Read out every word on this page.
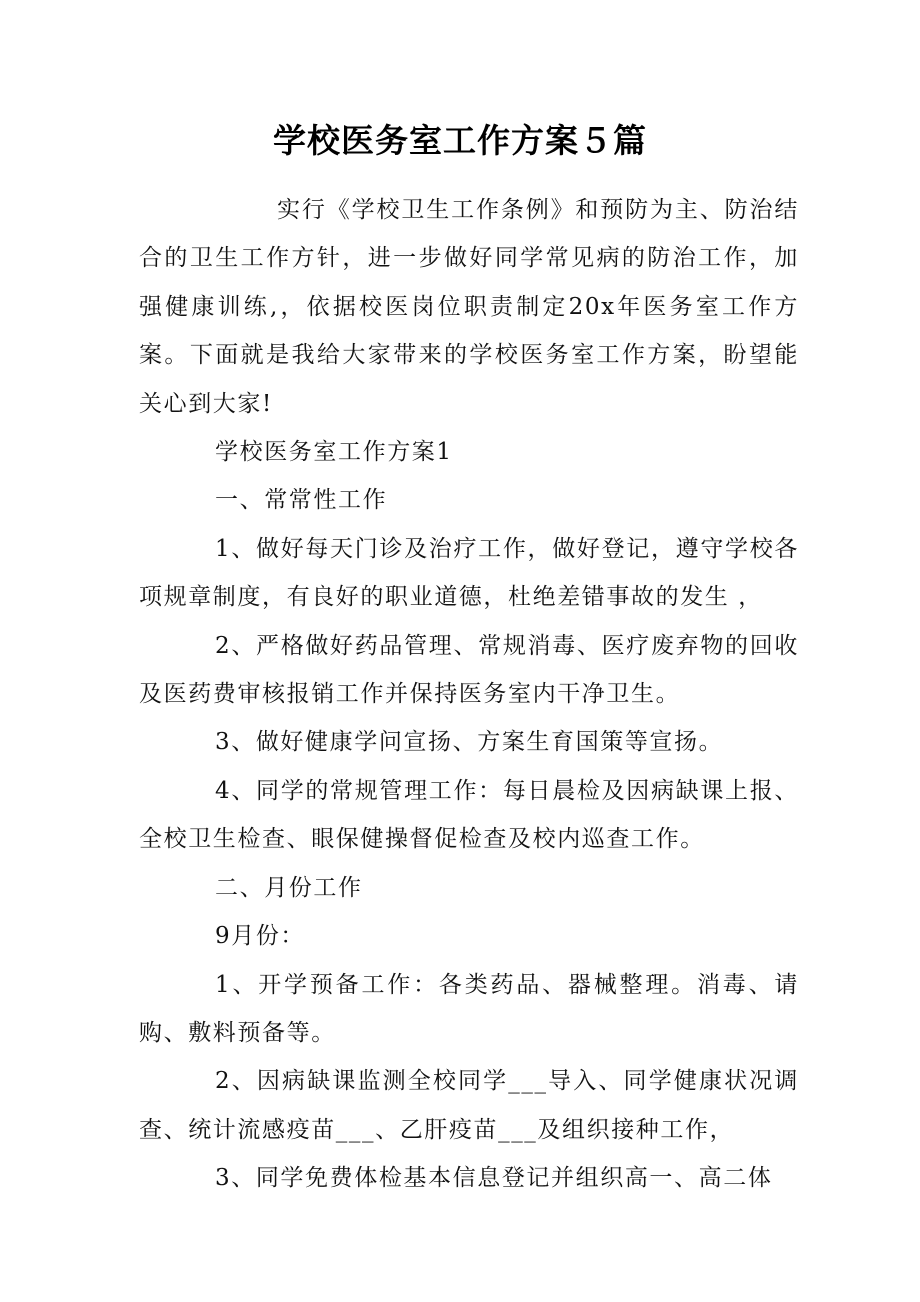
学校医务室工作方案５篇

实行《学校卫生工作条例》和预防为主、防治结合的卫生工作方针，进一步做好同学常见病的防治工作，加强健康训练,，依据校医岗位职责制定20x年医务室工作方案。下面就是我给大家带来的学校医务室工作方案，盼望能关心到大家!

学校医务室工作方案1

一、常常性工作

1、做好每天门诊及治疗工作，做好登记，遵守学校各项规章制度，有良好的职业道德，杜绝差错事故的发生 ，

2、严格做好药品管理、常规消毒、医疗废弃物的回收及医药费审核报销工作并保持医务室内干净卫生。

3、做好健康学问宣扬、方案生育国策等宣扬。

4、同学的常规管理工作：每日晨检及因病缺课上报、全校卫生检查、眼保健操督促检查及校内巡查工作。

二、月份工作

9月份：

1、开学预备工作：各类药品、器械整理。消毒、请购、敷料预备等。

2、因病缺课监测全校同学___导入、同学健康状况调查、统计流感疫苗___、乙肝疫苗___及组织接种工作，

3、同学免费体检基本信息登记并组织高一、高二体
